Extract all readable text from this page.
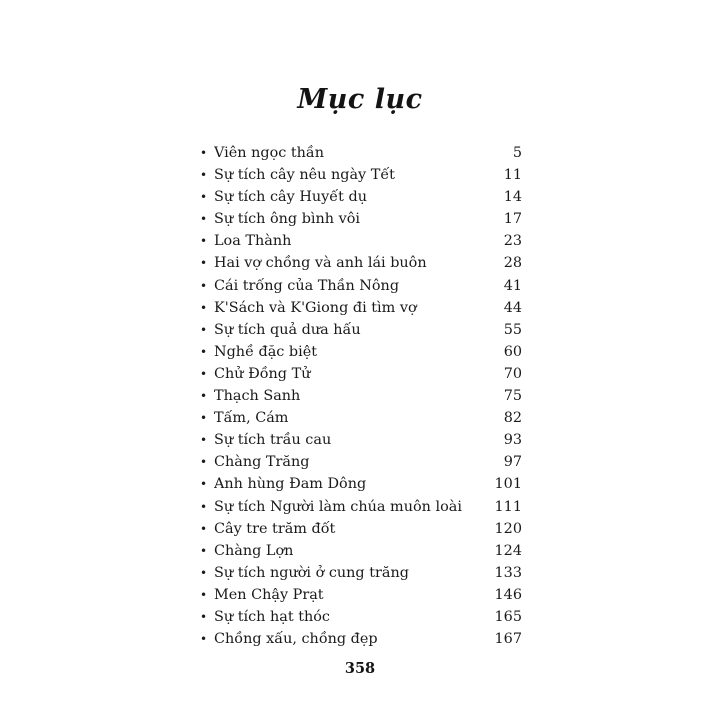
Mục lục
• Viên ngọc thần	5
• Sự tích cây nêu ngày Tết	11
• Sự tích cây Huyết dụ	14
• Sự tích ông bình vôi	17
• Loa Thành	23
• Hai vợ chồng và anh lái buôn	28
• Cái trống của Thần Nông	41
• K'Sách và K'Giong đi tìm vợ	44
• Sự tích quả dưa hấu	55
• Nghề đặc biệt	60
• Chử Đồng Tử	70
• Thạch Sanh	75
• Tấm, Cám	82
• Sự tích trầu cau	93
• Chàng Trăng	97
• Anh hùng Đam Dông	101
• Sự tích Người làm chúa muôn loài	111
• Cây tre trăm đốt	120
• Chàng Lợn	124
• Sự tích người ở cung trăng	133
• Men Chậy Prạt	146
• Sự tích hạt thóc	165
• Chồng xấu, chồng đẹp	167
358
